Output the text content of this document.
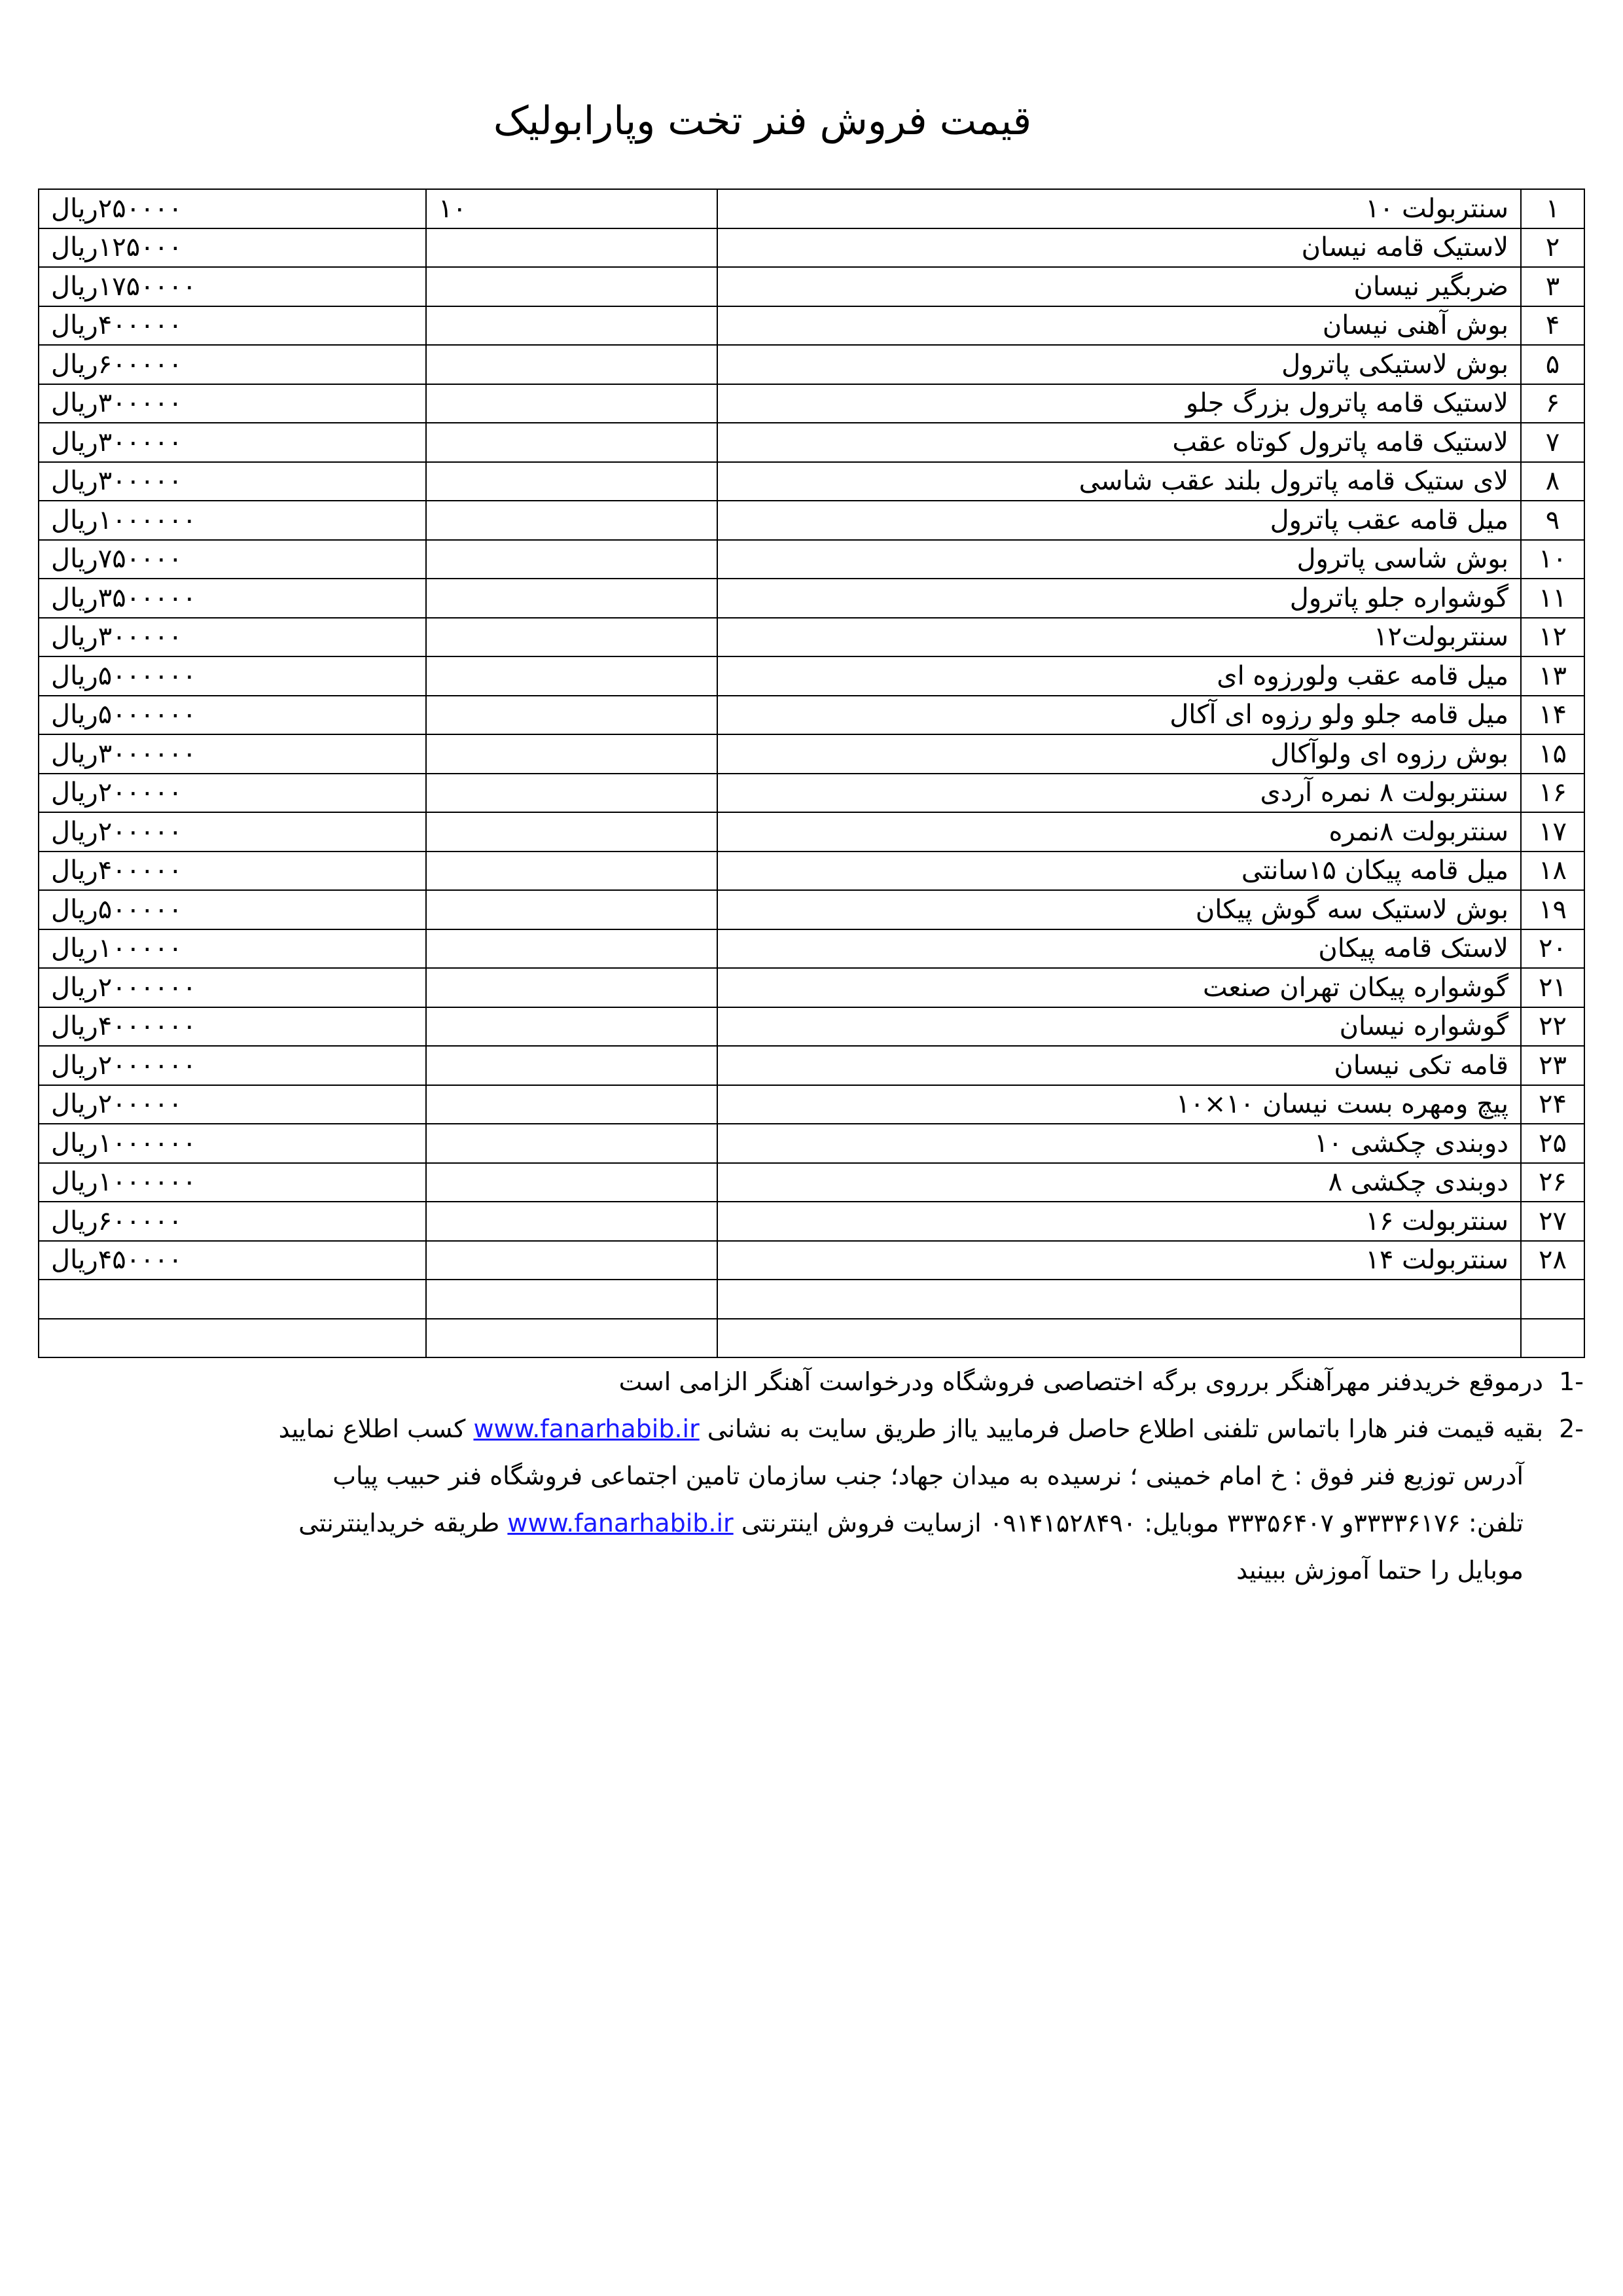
قیمت فروش فنر تخت وپارابولیک
۱	سنتربولت ۱۰	۱۰	۲۵۰۰۰۰ریال
۲	لاستیک قامه نیسان		۱۲۵۰۰۰ریال
۳	ضربگیر نیسان		۱۷۵۰۰۰۰ریال
۴	بوش آهنی نیسان		۴۰۰۰۰۰ریال
۵	بوش لاستیکی پاترول		۶۰۰۰۰۰ریال
۶	لاستیک قامه پاترول بزرگ جلو		۳۰۰۰۰۰ریال
۷	لاستیک قامه پاترول کوتاه عقب		۳۰۰۰۰۰ریال
۸	لای ستیک قامه پاترول بلند عقب شاسی		۳۰۰۰۰۰ریال
۹	میل قامه عقب پاترول		۱۰۰۰۰۰۰ریال
۱۰	بوش شاسی پاترول		۷۵۰۰۰۰ریال
۱۱	گوشواره جلو پاترول		۳۵۰۰۰۰۰ریال
۱۲	سنتربولت۱۲		۳۰۰۰۰۰ریال
۱۳	میل قامه عقب ولورزوه ای		۵۰۰۰۰۰۰ریال
۱۴	میل قامه جلو ولو رزوه ای آکال		۵۰۰۰۰۰۰ریال
۱۵	بوش رزوه ای ولوآکال		۳۰۰۰۰۰۰ریال
۱۶	سنتربولت ۸ نمره آردی		۲۰۰۰۰۰ریال
۱۷	سنتربولت ۸نمره		۲۰۰۰۰۰ریال
۱۸	میل قامه پیکان ۱۵سانتی		۴۰۰۰۰۰ریال
۱۹	بوش لاستیک سه گوش پیکان		۵۰۰۰۰۰ریال
۲۰	لاستک قامه پیکان		۱۰۰۰۰۰ریال
۲۱	گوشواره پیکان تهران صنعت		۲۰۰۰۰۰۰ریال
۲۲	گوشواره نیسان		۴۰۰۰۰۰۰ریال
۲۳	قامه تکی نیسان		۲۰۰۰۰۰۰ریال
۲۴	پیچ ومهره بست نیسان ۱۰×۱۰		۲۰۰۰۰۰ریال
۲۵	دوبندی چکشی ۱۰		۱۰۰۰۰۰۰ریال
۲۶	دوبندی چکشی ۸		۱۰۰۰۰۰۰ریال
۲۷	سنتربولت ۱۶		۶۰۰۰۰۰ریال
۲۸	سنتربولت ۱۴		۴۵۰۰۰۰ریال

1-درموقع خریدفنر مهرآهنگر برروی برگه اختصاصی فروشگاه ودرخواست آهنگر الزامی است
2-بقیه قیمت فنر هارا باتماس تلفنی اطلاع حاصل فرمایید یااز طریق سایت به نشانی www.fanarhabib.ir کسب اطلاع نمایید
آدرس توزیع فنر فوق : خ امام خمینی ؛ نرسیده به میدان جهاد؛ جنب سازمان تامین اجتماعی فروشگاه فنر حبیب پیاب
تلفن: ۳۳۳۳۶۱۷۶و ۳۳۳۵۶۴۰۷ موبایل: ۰۹۱۴۱۵۲۸۴۹۰ ازسایت فروش اینترنتی www.fanarhabib.ir طریقه خریداینترنتی
موبایل را حتما آموزش ببینید
